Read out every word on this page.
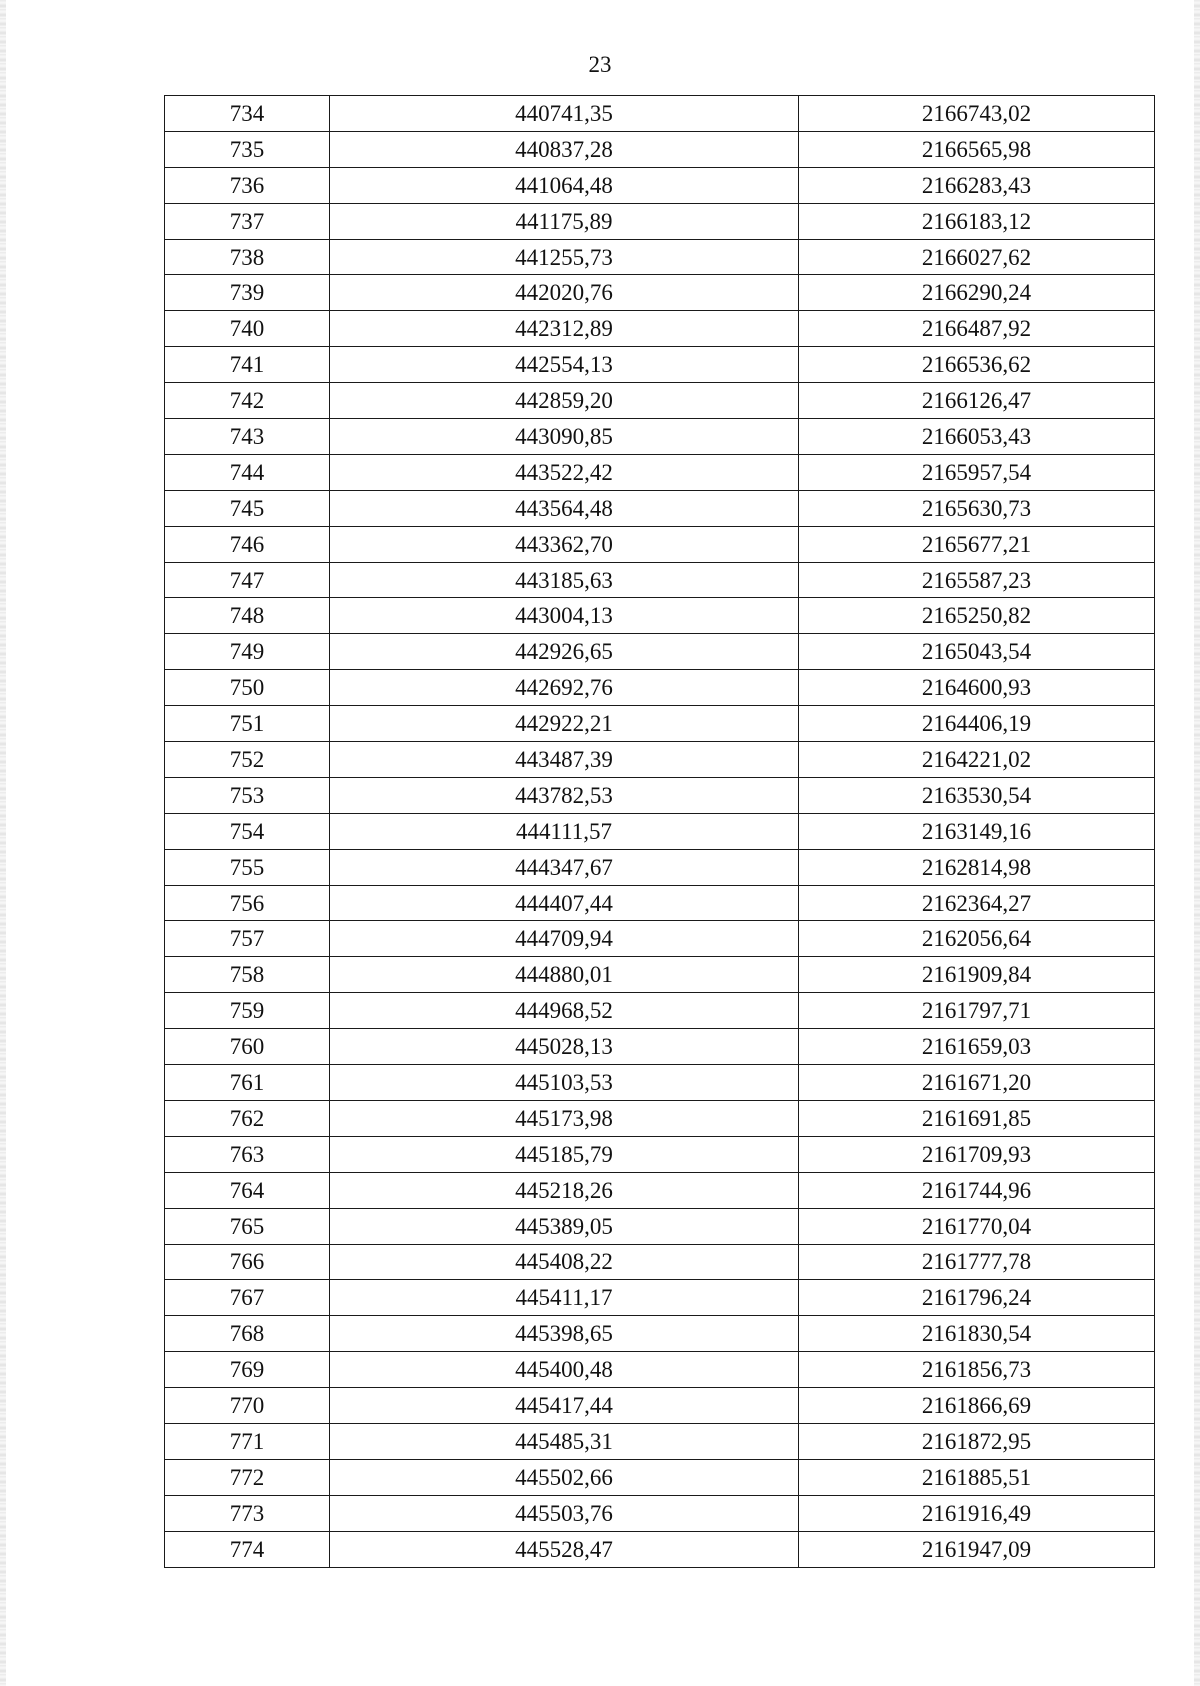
23
734	440741,35	2166743,02
735	440837,28	2166565,98
736	441064,48	2166283,43
737	441175,89	2166183,12
738	441255,73	2166027,62
739	442020,76	2166290,24
740	442312,89	2166487,92
741	442554,13	2166536,62
742	442859,20	2166126,47
743	443090,85	2166053,43
744	443522,42	2165957,54
745	443564,48	2165630,73
746	443362,70	2165677,21
747	443185,63	2165587,23
748	443004,13	2165250,82
749	442926,65	2165043,54
750	442692,76	2164600,93
751	442922,21	2164406,19
752	443487,39	2164221,02
753	443782,53	2163530,54
754	444111,57	2163149,16
755	444347,67	2162814,98
756	444407,44	2162364,27
757	444709,94	2162056,64
758	444880,01	2161909,84
759	444968,52	2161797,71
760	445028,13	2161659,03
761	445103,53	2161671,20
762	445173,98	2161691,85
763	445185,79	2161709,93
764	445218,26	2161744,96
765	445389,05	2161770,04
766	445408,22	2161777,78
767	445411,17	2161796,24
768	445398,65	2161830,54
769	445400,48	2161856,73
770	445417,44	2161866,69
771	445485,31	2161872,95
772	445502,66	2161885,51
773	445503,76	2161916,49
774	445528,47	2161947,09
